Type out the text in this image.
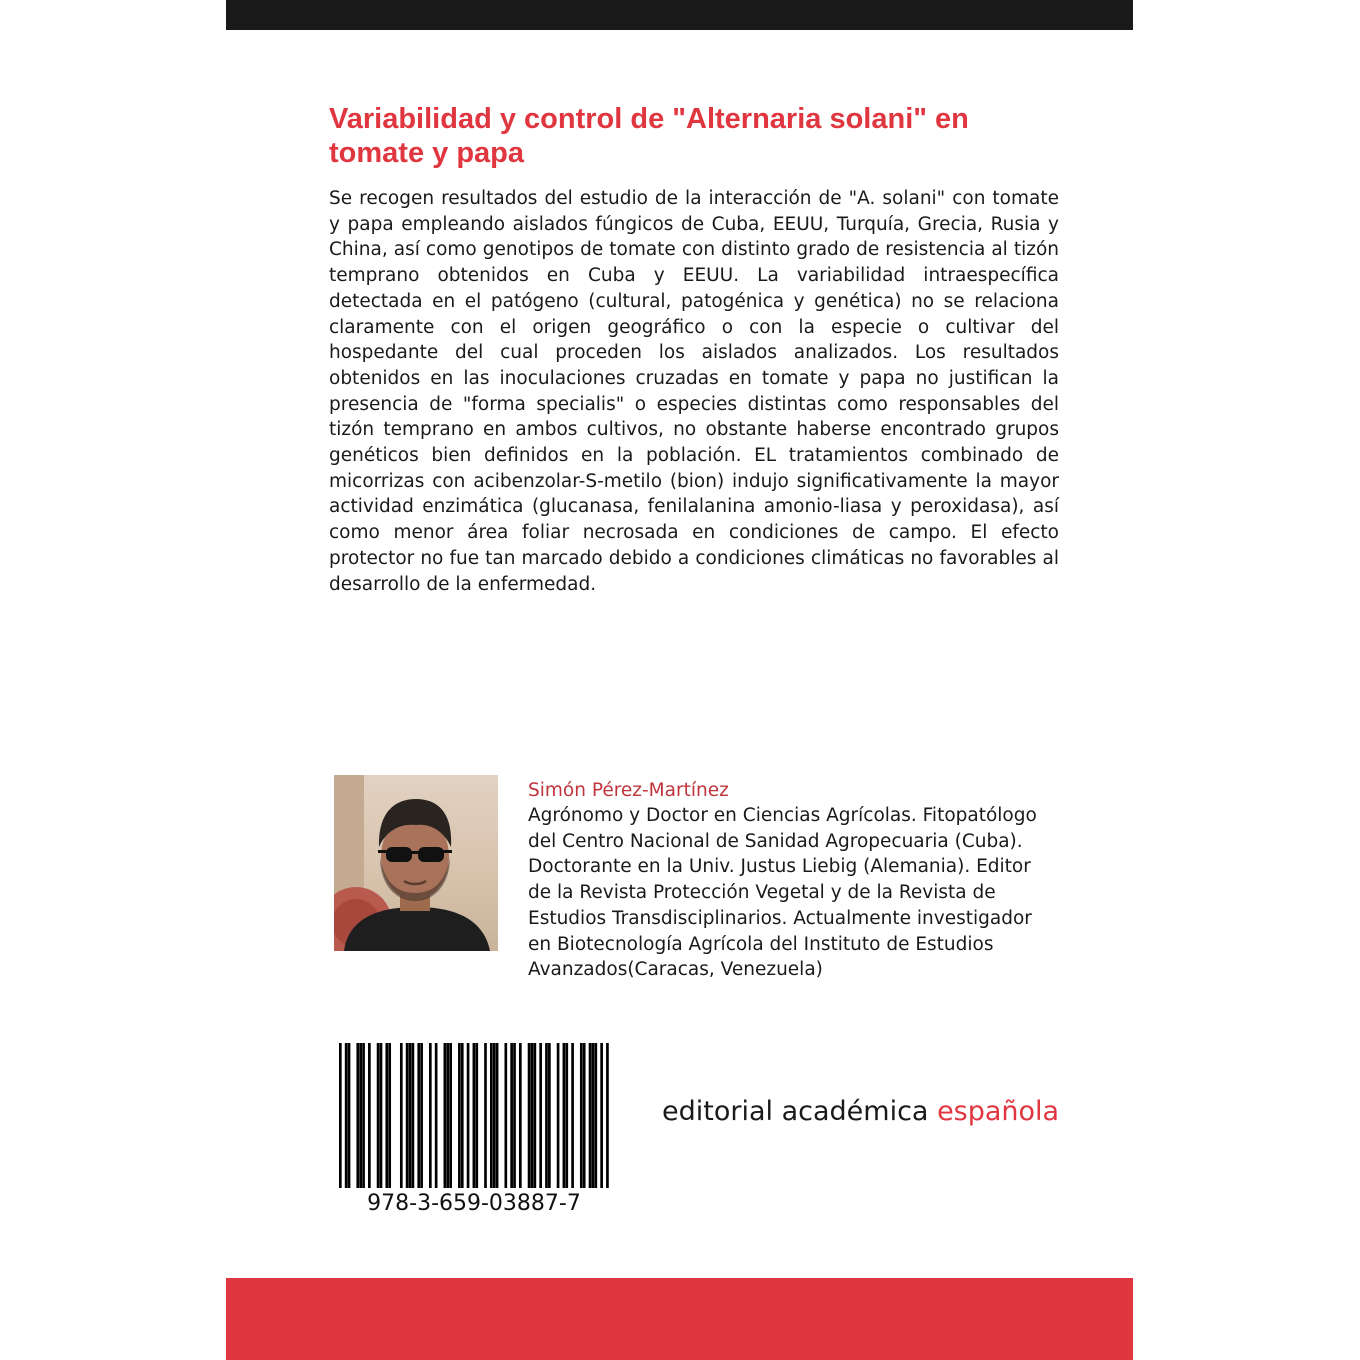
Variabilidad y control de "Alternaria solani" en tomate y papa

Se recogen resultados del estudio de la interacción de "A. solani" con tomate y papa empleando aislados fúngicos de Cuba, EEUU, Turquía, Grecia, Rusia y China, así como genotipos de tomate con distinto grado de resistencia al tizón temprano obtenidos en Cuba y EEUU. La variabilidad intraespecífica detectada en el patógeno (cultural, patogénica y genética) no se relaciona claramente con el origen geográfico o con la especie o cultivar del hospedante del cual proceden los aislados analizados. Los resultados obtenidos en las inoculaciones cruzadas en tomate y papa no justifican la presencia de "forma specialis" o especies distintas como responsables del tizón temprano en ambos cultivos, no obstante haberse encontrado grupos genéticos bien definidos en la población. EL tratamientos combinado de micorrizas con acibenzolar-S-metilo (bion) indujo significativamente la mayor actividad enzimática (glucanasa, fenilalanina amonio-liasa y peroxidasa), así como menor área foliar necrosada en condiciones de campo. El efecto protector no fue tan marcado debido a condiciones climáticas no favorables al desarrollo de la enfermedad.

Simón Pérez-Martínez

Agrónomo y Doctor en Ciencias Agrícolas. Fitopatólogo del Centro Nacional de Sanidad Agropecuaria (Cuba). Doctorante en la Univ. Justus Liebig (Alemania). Editor de la Revista Protección Vegetal y de la Revista de Estudios Transdisciplinarios. Actualmente investigador en Biotecnología Agrícola del Instituto de Estudios Avanzados(Caracas, Venezuela)

978-3-659-03887-7

editorial académica española
